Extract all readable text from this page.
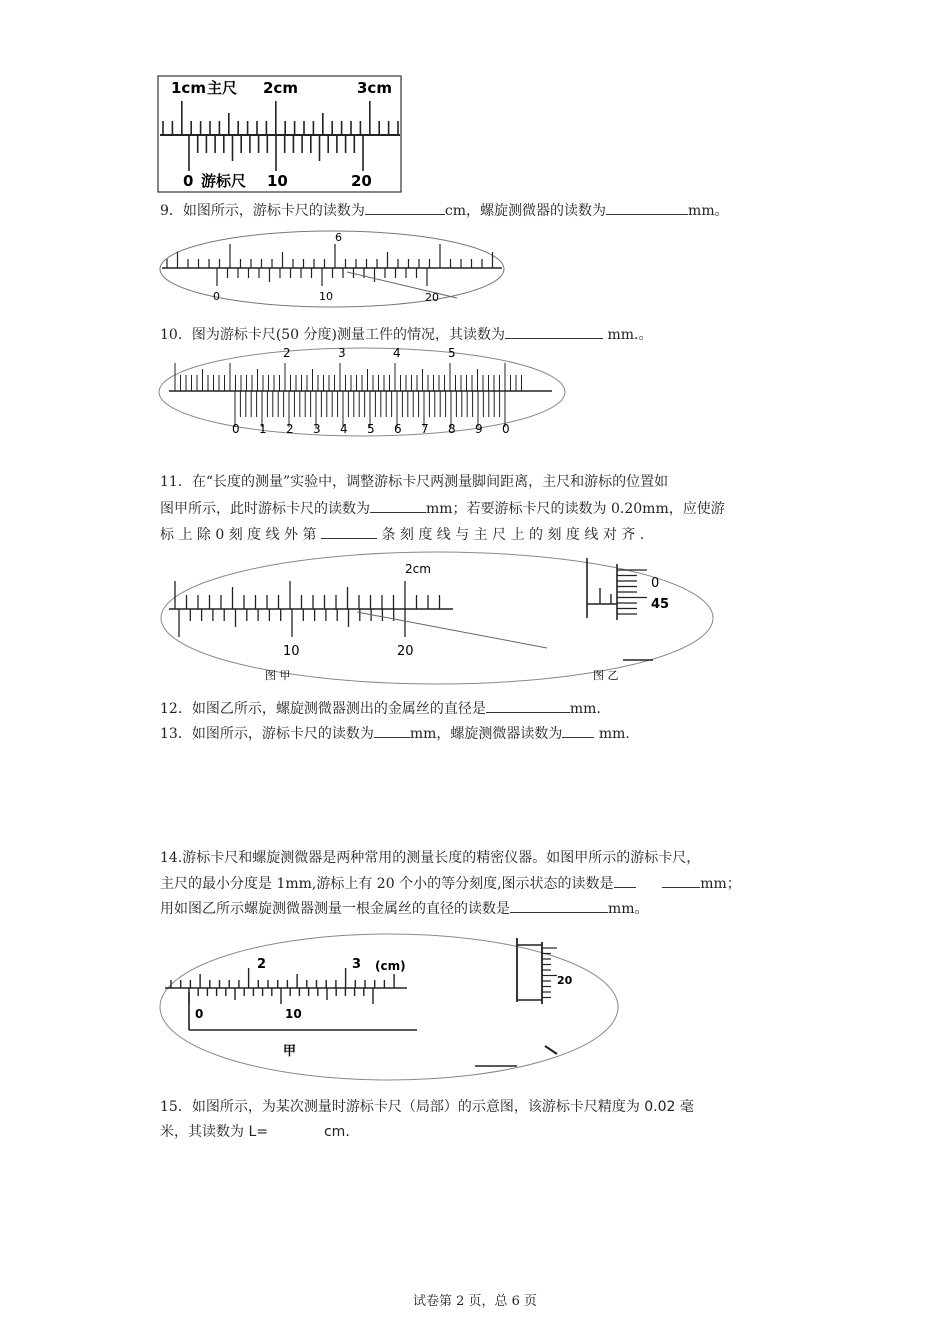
1cm 主尺 2cm	3cm
0 游标尺 10	20
9．如图所示，游标卡尺的读数为	cm，螺旋测微器的读数为	mm。
6
0	10	20
10．图为游标卡尺(50 分度)测量工件的情况，其读数为	mm.。
2	3	4	5
0 1 2 3 4 5 6 7 8 9 0
11．在“长度的测量”实验中，调整游标卡尺两测量脚间距离，主尺和游标的位置如
图甲所示，此时游标卡尺的读数为	mm；若要游标卡尺的读数为 0.20mm，应使游
标 上 除 0 刻 度 线 外 第	条 刻 度 线 与 主 尺 上 的 刻 度 线 对 齐 .
2cm
10	20
图 甲
0
45
图 乙
12．如图乙所示，螺旋测微器测出的金属丝的直径是	mm.
13．如图所示，游标卡尺的读数为	mm，螺旋测微器读数为	mm.
14.游标卡尺和螺旋测微器是两种常用的测量长度的精密仪器。如图甲所示的游标卡尺，
主尺的最小分度是 1mm,游标上有 20 个小的等分刻度,图示状态的读数是	mm；
用如图乙所示螺旋测微器测量一根金属丝的直径的读数是	mm。
2	3 (cm)
0	10
甲
20
15．如图所示，为某次测量时游标卡尺（局部）的示意图，该游标卡尺精度为 0.02 毫
米，其读数为 L=	cm.
试卷第 2 页，总 6 页
